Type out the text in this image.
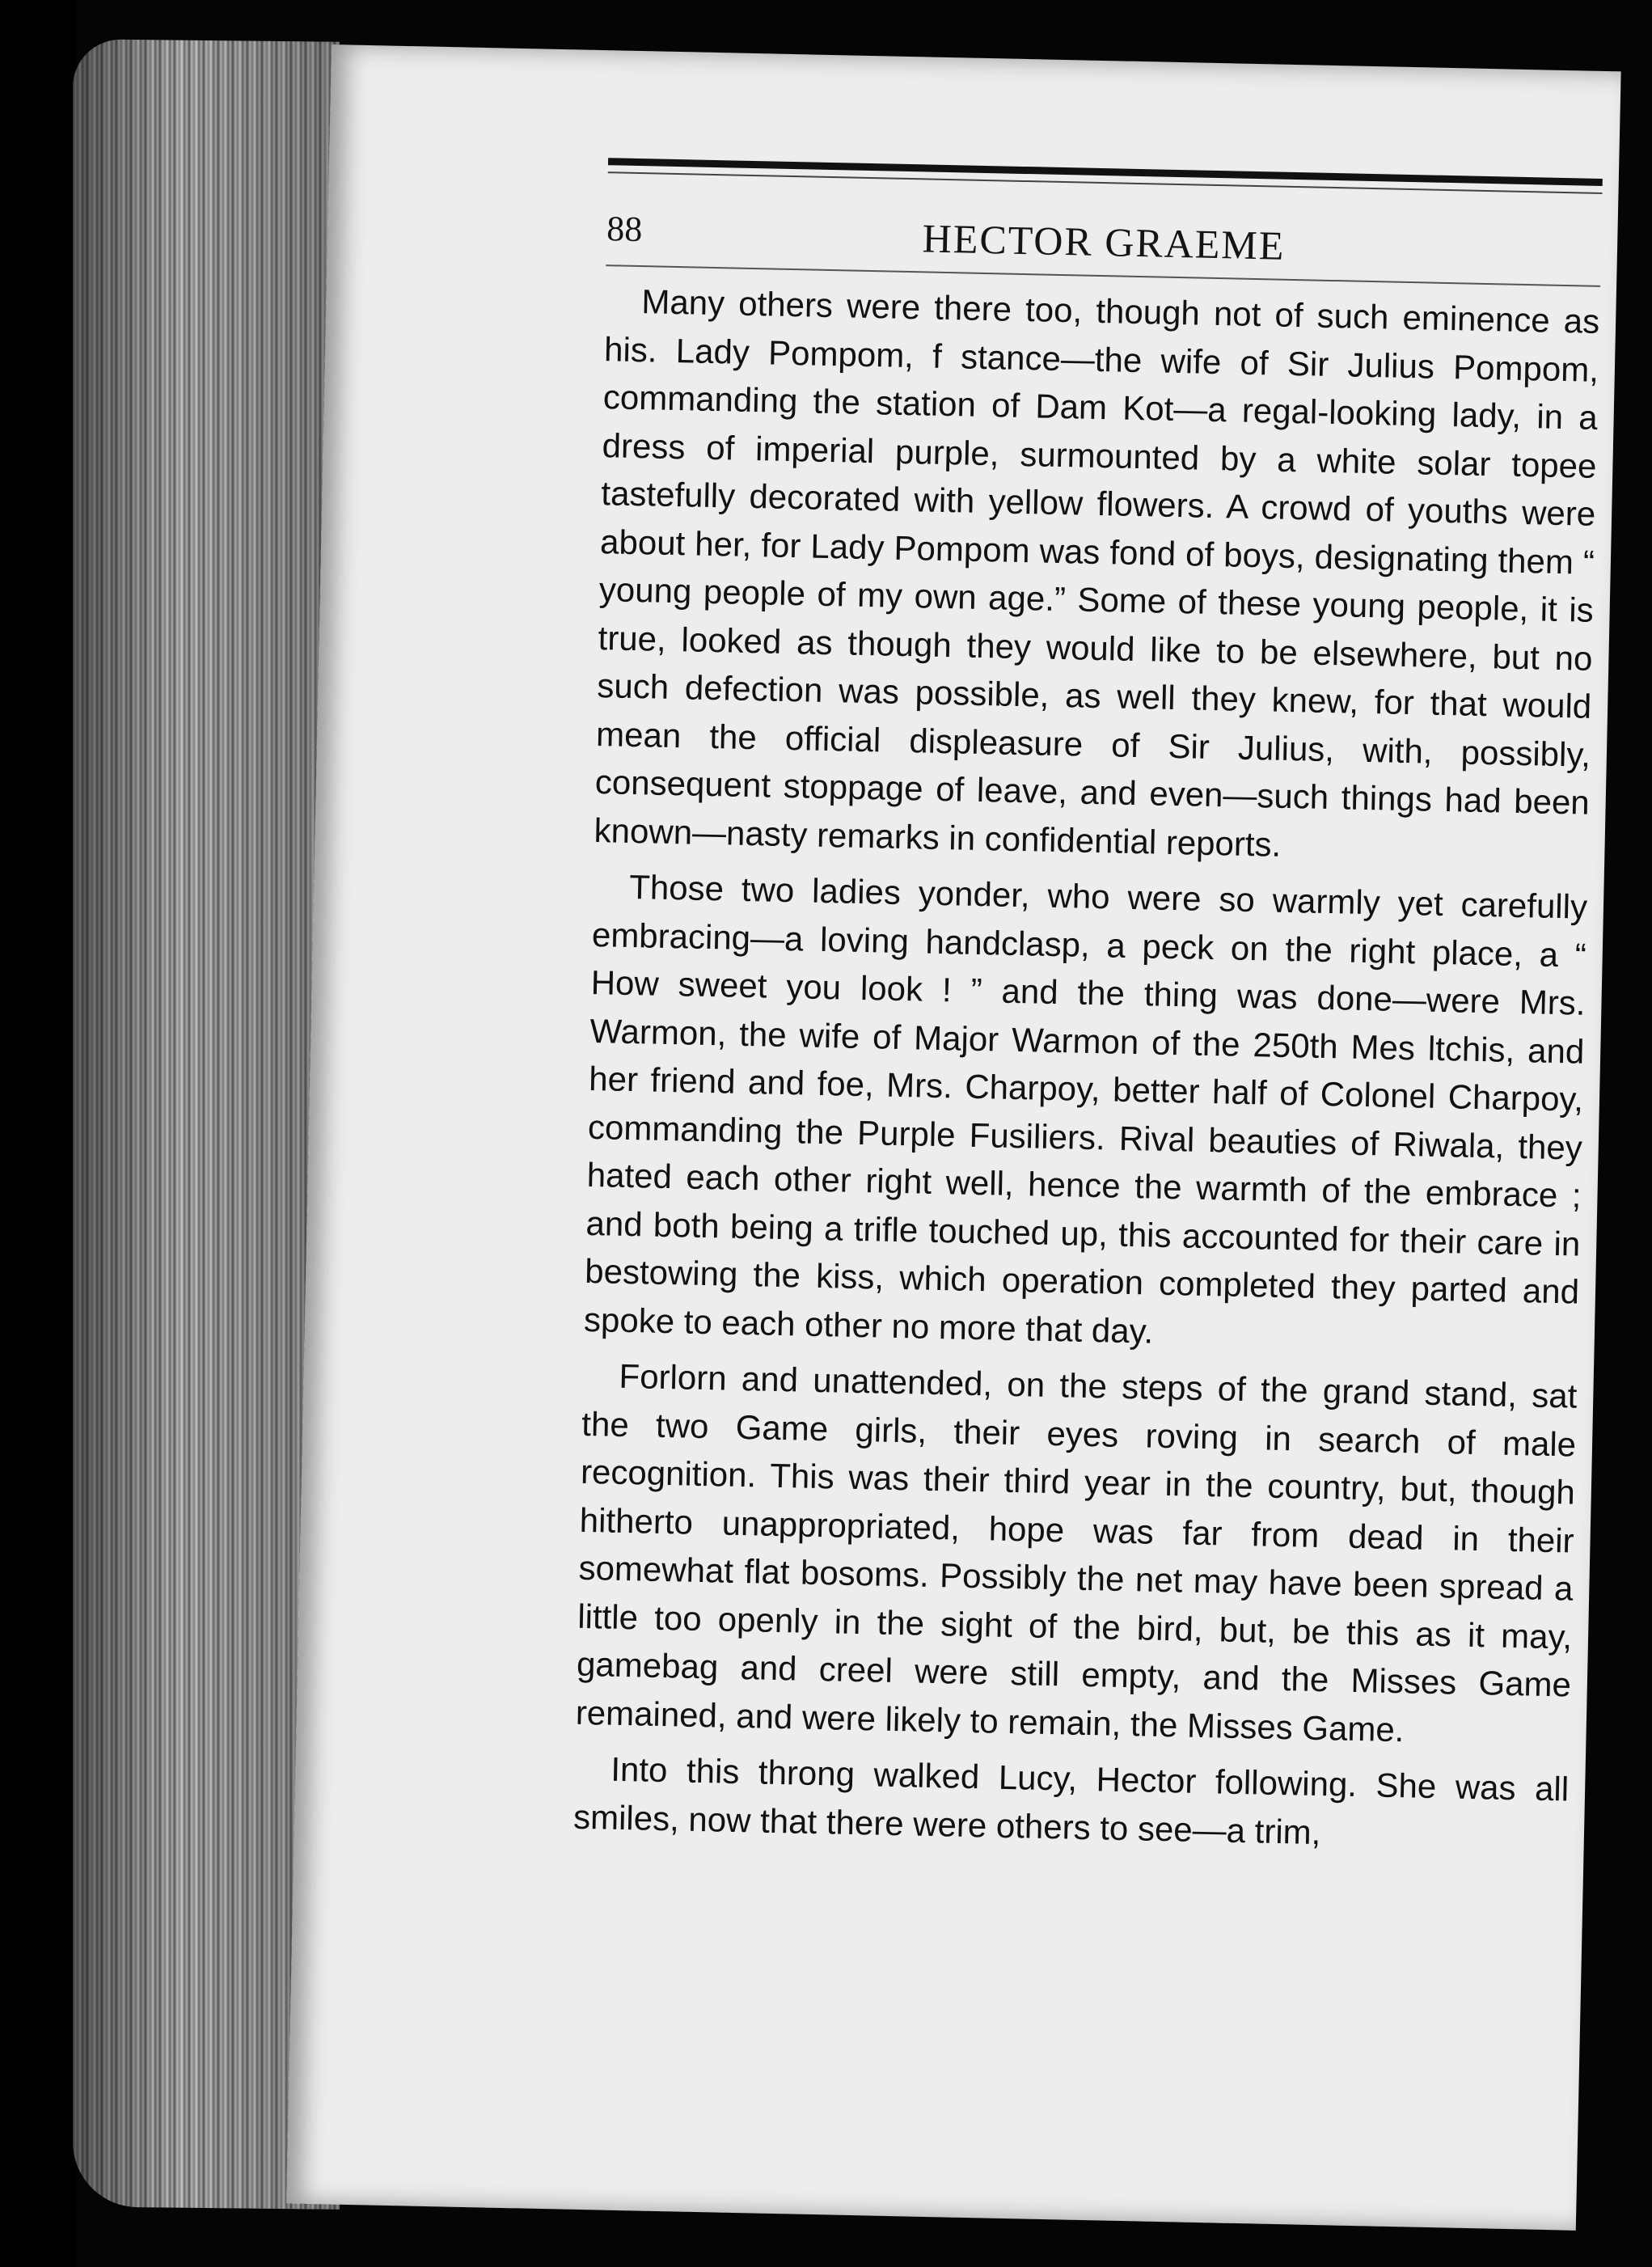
88	HECTOR GRAEME

Many others were there too, though not of such eminence as his. Lady Pompom, f stance—the wife of Sir Julius Pompom, commanding the station of Dam Kot—a regal-looking lady, in a dress of imperial purple, surmounted by a white solar topee tastefully decorated with yellow flowers. A crowd of youths were about her, for Lady Pompom was fond of boys, designating them “ young people of my own age.” Some of these young people, it is true, looked as though they would like to be elsewhere, but no such defection was possible, as well they knew, for that would mean the official displeasure of Sir Julius, with, possibly, consequent stoppage of leave, and even—such things had been known—nasty remarks in confidential reports.

Those two ladies yonder, who were so warmly yet carefully embracing—a loving handclasp, a peck on the right place, a “ How sweet you look ! ” and the thing was done—were Mrs. Warmon, the wife of Major Warmon of the 250th Mes ltchis, and her friend and foe, Mrs. Charpoy, better half of Colonel Charpoy, commanding the Purple Fusiliers. Rival beauties of Riwala, they hated each other right well, hence the warmth of the embrace ; and both being a trifle touched up, this accounted for their care in bestowing the kiss, which operation completed they parted and spoke to each other no more that day.

Forlorn and unattended, on the steps of the grand stand, sat the two Game girls, their eyes roving in search of male recognition. This was their third year in the country, but, though hitherto unappropriated, hope was far from dead in their somewhat flat bosoms. Possibly the net may have been spread a little too openly in the sight of the bird, but, be this as it may, gamebag and creel were still empty, and the Misses Game remained, and were likely to remain, the Misses Game.

Into this throng walked Lucy, Hector following. She was all smiles, now that there were others to see—a trim,
